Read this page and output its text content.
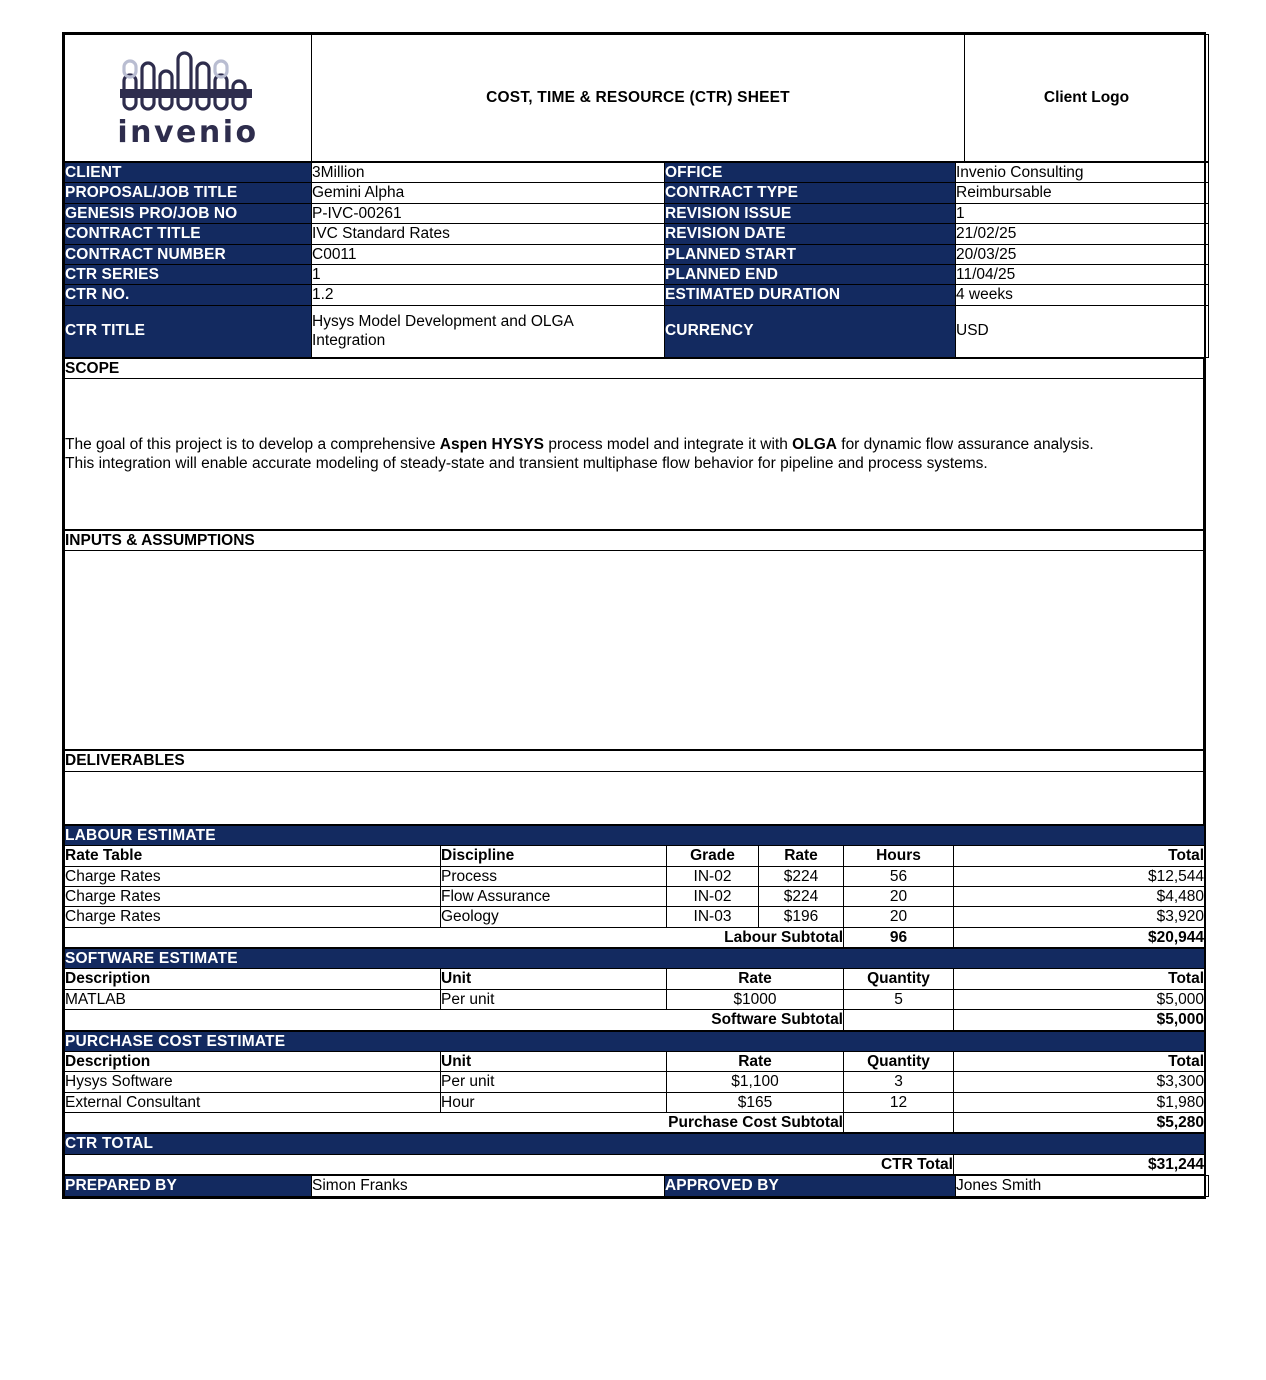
invenio
	COST, TIME & RESOURCE (CTR) SHEET	Client Logo
CLIENT	3Million	OFFICE	Invenio Consulting
PROPOSAL/JOB TITLE	Gemini Alpha	CONTRACT TYPE	Reimbursable
GENESIS PRO/JOB NO	P-IVC-00261	REVISION ISSUE	1
CONTRACT TITLE	IVC Standard Rates	REVISION DATE	21/02/25
CONTRACT NUMBER	C0011	PLANNED START	20/03/25
CTR SERIES	1	PLANNED END	11/04/25
CTR NO.	1.2	ESTIMATED DURATION	4 weeks
CTR TITLE	Hysys Model Development and OLGA Integration	CURRENCY	USD
SCOPE

The goal of this project is to develop a comprehensive Aspen HYSYS process model and integrate it with OLGA for dynamic flow assurance analysis.

This integration will enable accurate modeling of steady-state and transient multiphase flow behavior for pipeline and process systems.

INPUTS & ASSUMPTIONS

DELIVERABLES

LABOUR ESTIMATE					
Rate Table	Discipline	Grade	Rate	Hours	Total
Charge Rates	Process	IN-02	$224	56	$12,544
Charge Rates	Flow Assurance	IN-02	$224	20	$4,480
Charge Rates	Geology	IN-03	$196	20	$3,920
Labour Subtotal				96	$20,944
SOFTWARE ESTIMATE				
Description	Unit	Rate	Quantity	Total
MATLAB	Per unit	$1000	5	$5,000
Software Subtotal				$5,000
PURCHASE COST ESTIMATE				
Description	Unit	Rate	Quantity	Total
Hysys Software	Per unit	$1,100	3	$3,300
External Consultant	Hour	$165	12	$1,980
Purchase Cost Subtotal				$5,280
CTR TOTAL
CTR Total	$31,244
PREPARED BY	Simon Franks	APPROVED BY	Jones Smith
